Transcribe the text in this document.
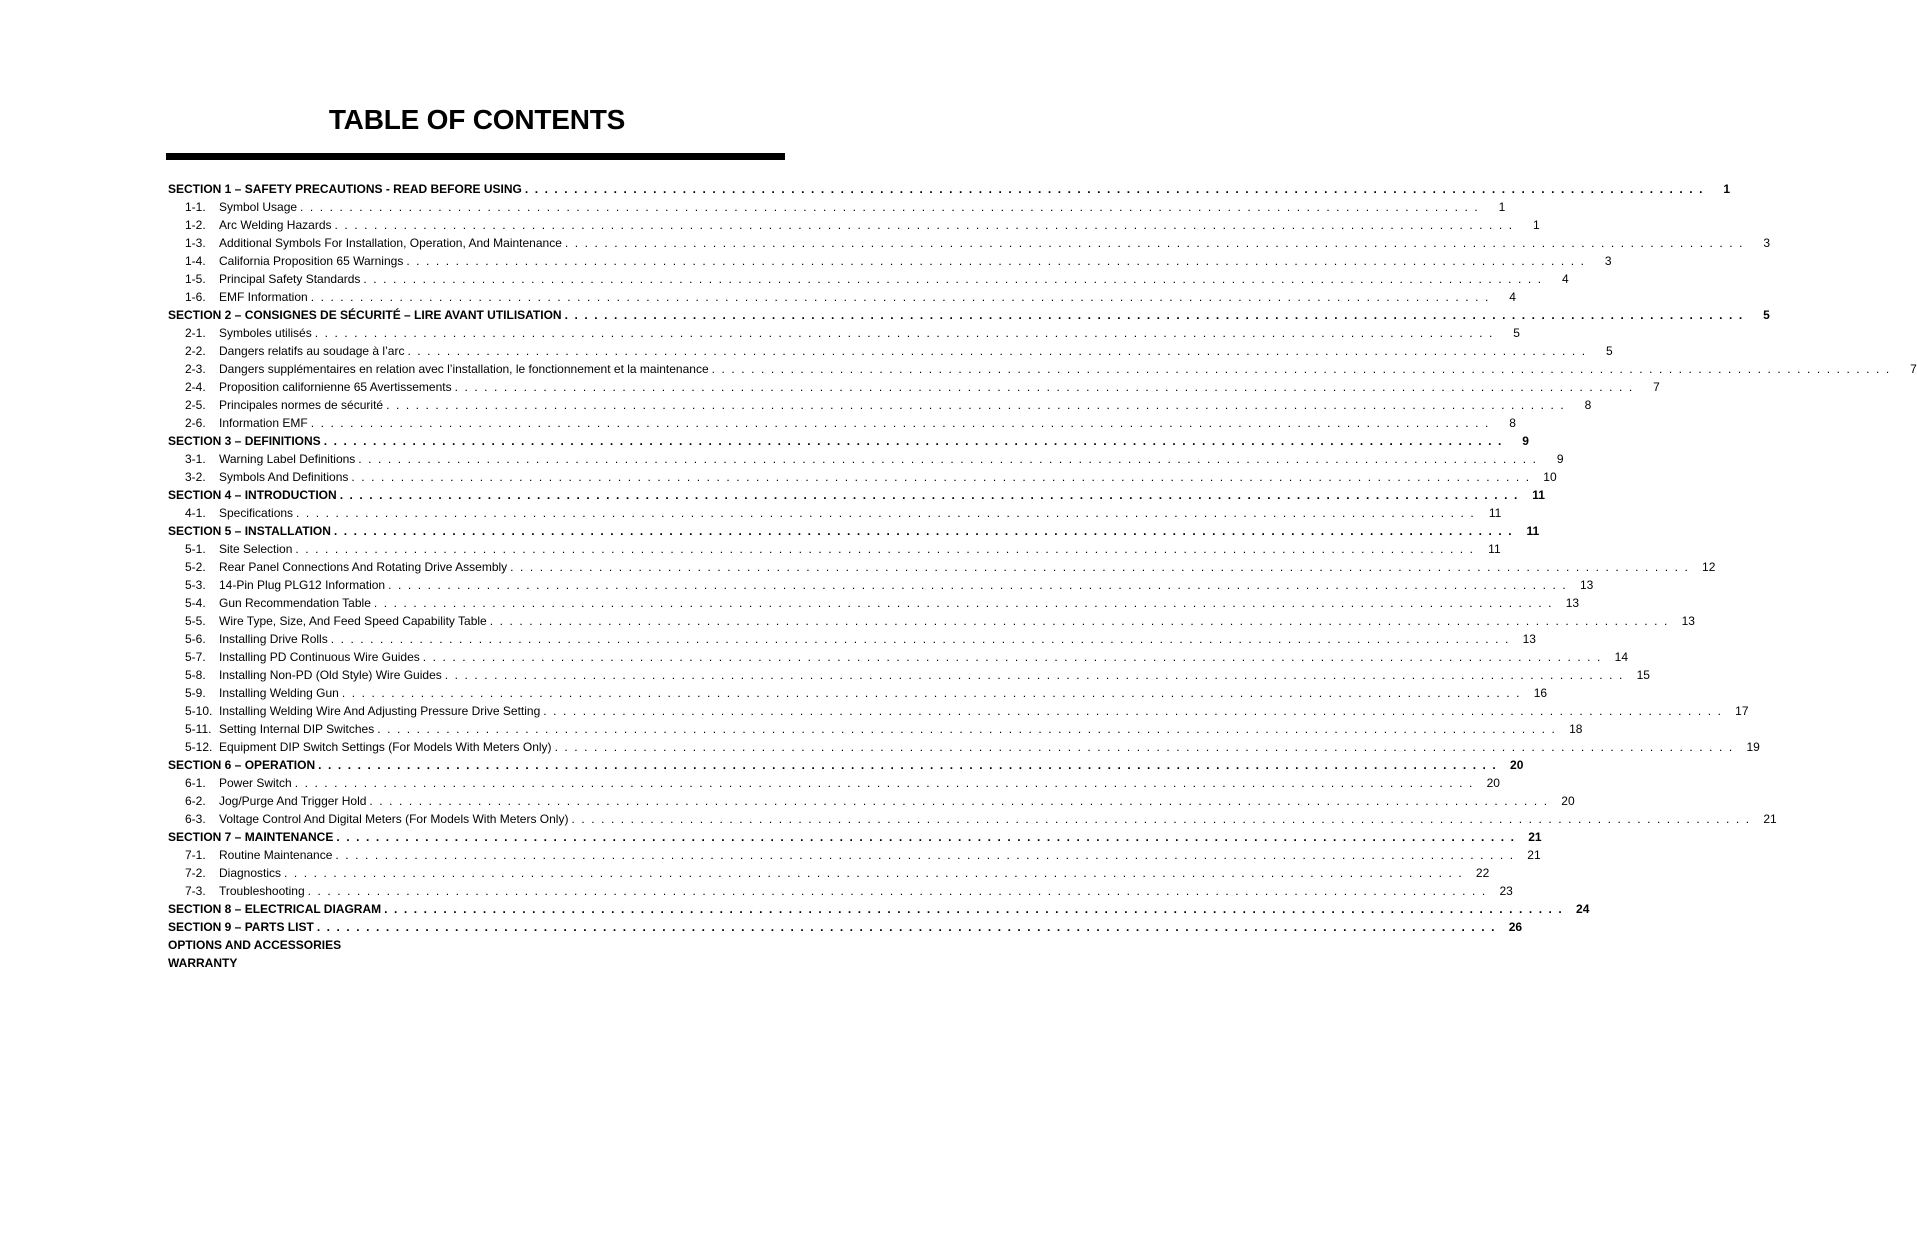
TABLE OF CONTENTS
SECTION 1 – SAFETY PRECAUTIONS - READ BEFORE USING . . . . . . . . . . . . . . . . . . . . . . . . . . . . . . . . . . . . . . . . . . . . . . . . . . . . . . . . . . . . . . . . . . . . . . . . . . . . . . . . . . . . . . . . . . . . . . . . . . . . . . . . . . . . . . . . . . . . . . . .	1
1-1.	Symbol Usage . . . . . . . . . . . . . . . . . . . . . . . . . . . . . . . . . . . . . . . . . . . . . . . . . . . . . . . . . . . . . . . . . . . . . . . . . . . . . . . . . . . . . . . . . . . . . . . . . . . . . . . . . . . . . . . . . . . . . . . .	1
1-2.	Arc Welding Hazards . . . . . . . . . . . . . . . . . . . . . . . . . . . . . . . . . . . . . . . . . . . . . . . . . . . . . . . . . . . . . . . . . . . . . . . . . . . . . . . . . . . . . . . . . . . . . . . . . . . . . . . . . . . . . . . . . . . . . . . .	1
1-3.	Additional Symbols For Installation, Operation, And Maintenance . . . . . . . . . . . . . . . . . . . . . . . . . . . . . . . . . . . . . . . . . . . . . . . . . . . . . . . . . . . . . . . . . . . . . . . . . . . . . . . . . . . . . . . . . . . . . . . . . . . . . . . . . . . . . . . . . . . . . . . .	3
1-4.	California Proposition 65 Warnings . . . . . . . . . . . . . . . . . . . . . . . . . . . . . . . . . . . . . . . . . . . . . . . . . . . . . . . . . . . . . . . . . . . . . . . . . . . . . . . . . . . . . . . . . . . . . . . . . . . . . . . . . . . . . . . . . . . . . . . .	3
1-5.	Principal Safety Standards . . . . . . . . . . . . . . . . . . . . . . . . . . . . . . . . . . . . . . . . . . . . . . . . . . . . . . . . . . . . . . . . . . . . . . . . . . . . . . . . . . . . . . . . . . . . . . . . . . . . . . . . . . . . . . . . . . . . . . . .	4
1-6.	EMF Information . . . . . . . . . . . . . . . . . . . . . . . . . . . . . . . . . . . . . . . . . . . . . . . . . . . . . . . . . . . . . . . . . . . . . . . . . . . . . . . . . . . . . . . . . . . . . . . . . . . . . . . . . . . . . . . . . . . . . . . .	4
SECTION 2 – CONSIGNES DE SÉCURITÉ – LIRE AVANT UTILISATION . . . . . . . . . . . . . . . . . . . . . . . . . . . . . . . . . . . . . . . . . . . . . . . . . . . . . . . . . . . . . . . . . . . . . . . . . . . . . . . . . . . . . . . . . . . . . . . . . . . . . . . . . . . . . . . . . . . . . . . .	5
2-1.	Symboles utilisés . . . . . . . . . . . . . . . . . . . . . . . . . . . . . . . . . . . . . . . . . . . . . . . . . . . . . . . . . . . . . . . . . . . . . . . . . . . . . . . . . . . . . . . . . . . . . . . . . . . . . . . . . . . . . . . . . . . . . . . .	5
2-2.	Dangers relatifs au soudage à l’arc . . . . . . . . . . . . . . . . . . . . . . . . . . . . . . . . . . . . . . . . . . . . . . . . . . . . . . . . . . . . . . . . . . . . . . . . . . . . . . . . . . . . . . . . . . . . . . . . . . . . . . . . . . . . . . . . . . . . . . . .	5
2-3.	Dangers supplémentaires en relation avec l’installation, le fonctionnement et la maintenance . . . . . . . . . . . . . . . . . . . . . . . . . . . . . . . . . . . . . . . . . . . . . . . . . . . . . . . . . . . . . . . . . . . . . . . . . . . . . . . . . . . . . . . . . . . . . . . . . . . . . . . . . . . . . . . . . . . . . . . .	7
2-4.	Proposition californienne 65 Avertissements . . . . . . . . . . . . . . . . . . . . . . . . . . . . . . . . . . . . . . . . . . . . . . . . . . . . . . . . . . . . . . . . . . . . . . . . . . . . . . . . . . . . . . . . . . . . . . . . . . . . . . . . . . . . . . . . . . . . . . . .	7
2-5.	Principales normes de sécurité . . . . . . . . . . . . . . . . . . . . . . . . . . . . . . . . . . . . . . . . . . . . . . . . . . . . . . . . . . . . . . . . . . . . . . . . . . . . . . . . . . . . . . . . . . . . . . . . . . . . . . . . . . . . . . . . . . . . . . . .	8
2-6.	Information EMF . . . . . . . . . . . . . . . . . . . . . . . . . . . . . . . . . . . . . . . . . . . . . . . . . . . . . . . . . . . . . . . . . . . . . . . . . . . . . . . . . . . . . . . . . . . . . . . . . . . . . . . . . . . . . . . . . . . . . . . .	8
SECTION 3 – DEFINITIONS . . . . . . . . . . . . . . . . . . . . . . . . . . . . . . . . . . . . . . . . . . . . . . . . . . . . . . . . . . . . . . . . . . . . . . . . . . . . . . . . . . . . . . . . . . . . . . . . . . . . . . . . . . . . . . . . . . . . . . . .	9
3-1.	Warning Label Definitions . . . . . . . . . . . . . . . . . . . . . . . . . . . . . . . . . . . . . . . . . . . . . . . . . . . . . . . . . . . . . . . . . . . . . . . . . . . . . . . . . . . . . . . . . . . . . . . . . . . . . . . . . . . . . . . . . . . . . . . .	9
3-2.	Symbols And Definitions . . . . . . . . . . . . . . . . . . . . . . . . . . . . . . . . . . . . . . . . . . . . . . . . . . . . . . . . . . . . . . . . . . . . . . . . . . . . . . . . . . . . . . . . . . . . . . . . . . . . . . . . . . . . . . . . . . . . . . . .	10
SECTION 4 – INTRODUCTION . . . . . . . . . . . . . . . . . . . . . . . . . . . . . . . . . . . . . . . . . . . . . . . . . . . . . . . . . . . . . . . . . . . . . . . . . . . . . . . . . . . . . . . . . . . . . . . . . . . . . . . . . . . . . . . . . . . . . . . .	11
4-1.	Specifications . . . . . . . . . . . . . . . . . . . . . . . . . . . . . . . . . . . . . . . . . . . . . . . . . . . . . . . . . . . . . . . . . . . . . . . . . . . . . . . . . . . . . . . . . . . . . . . . . . . . . . . . . . . . . . . . . . . . . . . .	11
SECTION 5 – INSTALLATION . . . . . . . . . . . . . . . . . . . . . . . . . . . . . . . . . . . . . . . . . . . . . . . . . . . . . . . . . . . . . . . . . . . . . . . . . . . . . . . . . . . . . . . . . . . . . . . . . . . . . . . . . . . . . . . . . . . . . . . .	11
5-1.	Site Selection . . . . . . . . . . . . . . . . . . . . . . . . . . . . . . . . . . . . . . . . . . . . . . . . . . . . . . . . . . . . . . . . . . . . . . . . . . . . . . . . . . . . . . . . . . . . . . . . . . . . . . . . . . . . . . . . . . . . . . . .	11
5-2.	Rear Panel Connections And Rotating Drive Assembly . . . . . . . . . . . . . . . . . . . . . . . . . . . . . . . . . . . . . . . . . . . . . . . . . . . . . . . . . . . . . . . . . . . . . . . . . . . . . . . . . . . . . . . . . . . . . . . . . . . . . . . . . . . . . . . . . . . . . . . .	12
5-3.	14-Pin Plug PLG12 Information . . . . . . . . . . . . . . . . . . . . . . . . . . . . . . . . . . . . . . . . . . . . . . . . . . . . . . . . . . . . . . . . . . . . . . . . . . . . . . . . . . . . . . . . . . . . . . . . . . . . . . . . . . . . . . . . . . . . . . . .	13
5-4.	Gun Recommendation Table . . . . . . . . . . . . . . . . . . . . . . . . . . . . . . . . . . . . . . . . . . . . . . . . . . . . . . . . . . . . . . . . . . . . . . . . . . . . . . . . . . . . . . . . . . . . . . . . . . . . . . . . . . . . . . . . . . . . . . . .	13
5-5.	Wire Type, Size, And Feed Speed Capability Table . . . . . . . . . . . . . . . . . . . . . . . . . . . . . . . . . . . . . . . . . . . . . . . . . . . . . . . . . . . . . . . . . . . . . . . . . . . . . . . . . . . . . . . . . . . . . . . . . . . . . . . . . . . . . . . . . . . . . . . .	13
5-6.	Installing Drive Rolls . . . . . . . . . . . . . . . . . . . . . . . . . . . . . . . . . . . . . . . . . . . . . . . . . . . . . . . . . . . . . . . . . . . . . . . . . . . . . . . . . . . . . . . . . . . . . . . . . . . . . . . . . . . . . . . . . . . . . . . .	13
5-7.	Installing PD Continuous Wire Guides . . . . . . . . . . . . . . . . . . . . . . . . . . . . . . . . . . . . . . . . . . . . . . . . . . . . . . . . . . . . . . . . . . . . . . . . . . . . . . . . . . . . . . . . . . . . . . . . . . . . . . . . . . . . . . . . . . . . . . . .	14
5-8.	Installing Non-PD (Old Style) Wire Guides . . . . . . . . . . . . . . . . . . . . . . . . . . . . . . . . . . . . . . . . . . . . . . . . . . . . . . . . . . . . . . . . . . . . . . . . . . . . . . . . . . . . . . . . . . . . . . . . . . . . . . . . . . . . . . . . . . . . . . . .	15
5-9.	Installing Welding Gun . . . . . . . . . . . . . . . . . . . . . . . . . . . . . . . . . . . . . . . . . . . . . . . . . . . . . . . . . . . . . . . . . . . . . . . . . . . . . . . . . . . . . . . . . . . . . . . . . . . . . . . . . . . . . . . . . . . . . . . .	16
5-10. Installing Welding Wire And Adjusting Pressure Drive Setting . . . . . . . . . . . . . . . . . . . . . . . . . . . . . . . . . . . . . . . . . . . . . . . . . . . . . . . . . . . . . . . . . . . . . . . . . . . . . . . . . . . . . . . . . . . . . . . . . . . . . . . . . . . . . . . . . . . . . . . .	17
5-11. Setting Internal DIP Switches . . . . . . . . . . . . . . . . . . . . . . . . . . . . . . . . . . . . . . . . . . . . . . . . . . . . . . . . . . . . . . . . . . . . . . . . . . . . . . . . . . . . . . . . . . . . . . . . . . . . . . . . . . . . . . . . . . . . . . . .	18
5-12. Equipment DIP Switch Settings (For Models With Meters Only) . . . . . . . . . . . . . . . . . . . . . . . . . . . . . . . . . . . . . . . . . . . . . . . . . . . . . . . . . . . . . . . . . . . . . . . . . . . . . . . . . . . . . . . . . . . . . . . . . . . . . . . . . . . . . . . . . . . . . . . .	19
SECTION 6 – OPERATION . . . . . . . . . . . . . . . . . . . . . . . . . . . . . . . . . . . . . . . . . . . . . . . . . . . . . . . . . . . . . . . . . . . . . . . . . . . . . . . . . . . . . . . . . . . . . . . . . . . . . . . . . . . . . . . . . . . . . . . .	20
6-1.	Power Switch . . . . . . . . . . . . . . . . . . . . . . . . . . . . . . . . . . . . . . . . . . . . . . . . . . . . . . . . . . . . . . . . . . . . . . . . . . . . . . . . . . . . . . . . . . . . . . . . . . . . . . . . . . . . . . . . . . . . . . . .	20
6-2.	Jog/Purge And Trigger Hold . . . . . . . . . . . . . . . . . . . . . . . . . . . . . . . . . . . . . . . . . . . . . . . . . . . . . . . . . . . . . . . . . . . . . . . . . . . . . . . . . . . . . . . . . . . . . . . . . . . . . . . . . . . . . . . . . . . . . . . .	20
6-3.	Voltage Control And Digital Meters (For Models With Meters Only) . . . . . . . . . . . . . . . . . . . . . . . . . . . . . . . . . . . . . . . . . . . . . . . . . . . . . . . . . . . . . . . . . . . . . . . . . . . . . . . . . . . . . . . . . . . . . . . . . . . . . . . . . . . . . . . . . . . . . . . .	21
SECTION 7 – MAINTENANCE . . . . . . . . . . . . . . . . . . . . . . . . . . . . . . . . . . . . . . . . . . . . . . . . . . . . . . . . . . . . . . . . . . . . . . . . . . . . . . . . . . . . . . . . . . . . . . . . . . . . . . . . . . . . . . . . . . . . . . . .	21
7-1.	Routine Maintenance . . . . . . . . . . . . . . . . . . . . . . . . . . . . . . . . . . . . . . . . . . . . . . . . . . . . . . . . . . . . . . . . . . . . . . . . . . . . . . . . . . . . . . . . . . . . . . . . . . . . . . . . . . . . . . . . . . . . . . . .	21
7-2.	Diagnostics . . . . . . . . . . . . . . . . . . . . . . . . . . . . . . . . . . . . . . . . . . . . . . . . . . . . . . . . . . . . . . . . . . . . . . . . . . . . . . . . . . . . . . . . . . . . . . . . . . . . . . . . . . . . . . . . . . . . . . . .	22
7-3.	Troubleshooting . . . . . . . . . . . . . . . . . . . . . . . . . . . . . . . . . . . . . . . . . . . . . . . . . . . . . . . . . . . . . . . . . . . . . . . . . . . . . . . . . . . . . . . . . . . . . . . . . . . . . . . . . . . . . . . . . . . . . . . .	23
SECTION 8 – ELECTRICAL DIAGRAM . . . . . . . . . . . . . . . . . . . . . . . . . . . . . . . . . . . . . . . . . . . . . . . . . . . . . . . . . . . . . . . . . . . . . . . . . . . . . . . . . . . . . . . . . . . . . . . . . . . . . . . . . . . . . . . . . . . . . . . .	24
SECTION 9 – PARTS LIST . . . . . . . . . . . . . . . . . . . . . . . . . . . . . . . . . . . . . . . . . . . . . . . . . . . . . . . . . . . . . . . . . . . . . . . . . . . . . . . . . . . . . . . . . . . . . . . . . . . . . . . . . . . . . . . . . . . . . . . .	26
OPTIONS AND ACCESSORIES
WARRANTY
